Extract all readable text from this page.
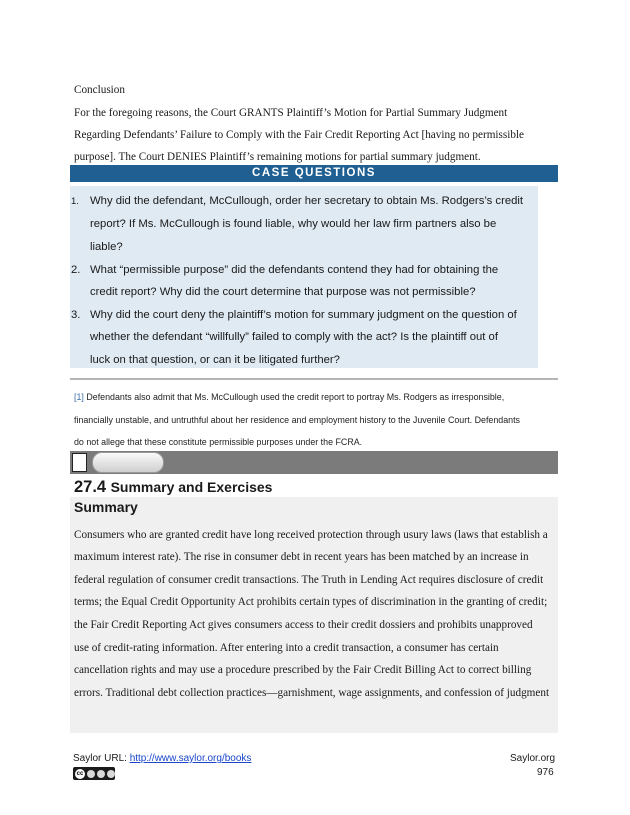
Conclusion
For the foregoing reasons, the Court GRANTS Plaintiff’s Motion for Partial Summary Judgment
Regarding Defendants’ Failure to Comply with the Fair Credit Reporting Act [having no permissible
purpose]. The Court DENIES Plaintiff’s remaining motions for partial summary judgment.
CASE QUESTIONS
1. Why did the defendant, McCullough, order her secretary to obtain Ms. Rodgers’s credit
report? If Ms. McCullough is found liable, why would her law firm partners also be
liable?
2. What “permissible purpose” did the defendants contend they had for obtaining the
credit report? Why did the court determine that purpose was not permissible?
3. Why did the court deny the plaintiff’s motion for summary judgment on the question of
whether the defendant “willfully” failed to comply with the act? Is the plaintiff out of
luck on that question, or can it be litigated further?
[1] Defendants also admit that Ms. McCullough used the credit report to portray Ms. Rodgers as irresponsible,
financially unstable, and untruthful about her residence and employment history to the Juvenile Court. Defendants
do not allege that these constitute permissible purposes under the FCRA.
27.4 Summary and Exercises
Summary
Consumers who are granted credit have long received protection through usury laws (laws that establish a
maximum interest rate). The rise in consumer debt in recent years has been matched by an increase in
federal regulation of consumer credit transactions. The Truth in Lending Act requires disclosure of credit
terms; the Equal Credit Opportunity Act prohibits certain types of discrimination in the granting of credit;
the Fair Credit Reporting Act gives consumers access to their credit dossiers and prohibits unapproved
use of credit-rating information. After entering into a credit transaction, a consumer has certain
cancellation rights and may use a procedure prescribed by the Fair Credit Billing Act to correct billing
errors. Traditional debt collection practices—garnishment, wage assignments, and confession of judgment
Saylor URL: http://www.saylor.org/books
cc
Saylor.org
976
